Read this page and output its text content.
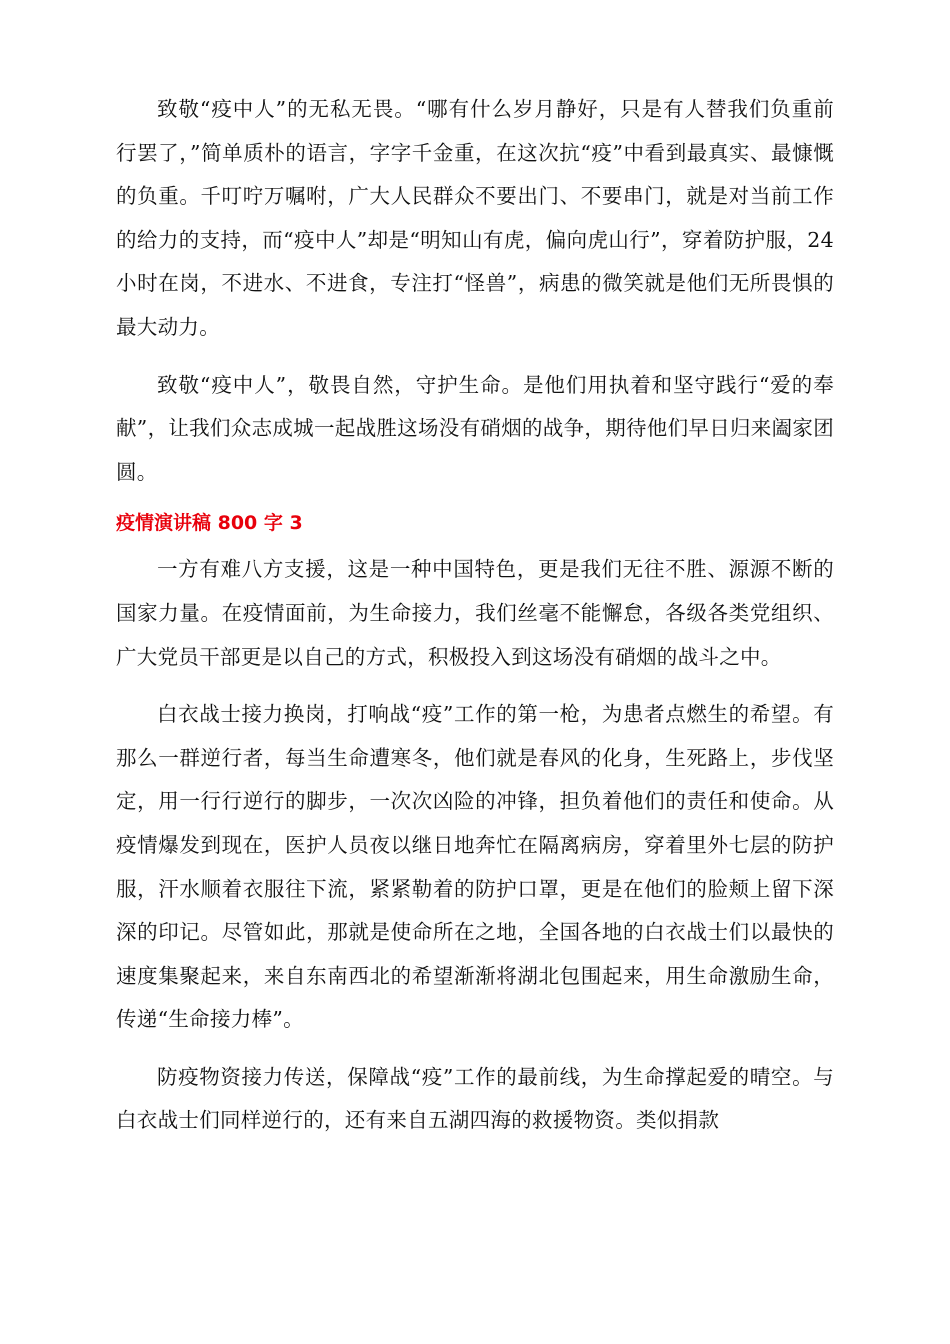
致敬“疫中人”的无私无畏。“哪有什么岁月静好，只是有人替我们负重前行罢了，”简单质朴的语言，字字千金重，在这次抗“疫”中看到最真实、最慷慨的负重。千叮咛万嘱咐，广大人民群众不要出门、不要串门，就是对当前工作的给力的支持，而“疫中人”却是“明知山有虎，偏向虎山行”，穿着防护服，24 小时在岗，不进水、不进食，专注打“怪兽”，病患的微笑就是他们无所畏惧的最大动力。

致敬“疫中人”，敬畏自然，守护生命。是他们用执着和坚守践行“爱的奉献”，让我们众志成城一起战胜这场没有硝烟的战争，期待他们早日归来阖家团圆。

疫情演讲稿 800 字 3

一方有难八方支援，这是一种中国特色，更是我们无往不胜、源源不断的国家力量。在疫情面前，为生命接力，我们丝毫不能懈怠，各级各类党组织、广大党员干部更是以自己的方式，积极投入到这场没有硝烟的战斗之中。

白衣战士接力换岗，打响战“疫”工作的第一枪，为患者点燃生的希望。有那么一群逆行者，每当生命遭寒冬，他们就是春风的化身，生死路上，步伐坚定，用一行行逆行的脚步，一次次凶险的冲锋，担负着他们的责任和使命。从疫情爆发到现在，医护人员夜以继日地奔忙在隔离病房，穿着里外七层的防护服，汗水顺着衣服往下流，紧紧勒着的防护口罩，更是在他们的脸颊上留下深深的印记。尽管如此，那就是使命所在之地，全国各地的白衣战士们以最快的速度集聚起来，来自东南西北的希望渐渐将湖北包围起来，用生命激励生命，传递“生命接力棒”。

防疫物资接力传送，保障战“疫”工作的最前线，为生命撑起爱的晴空。与白衣战士们同样逆行的，还有来自五湖四海的救援物资。类似捐款
